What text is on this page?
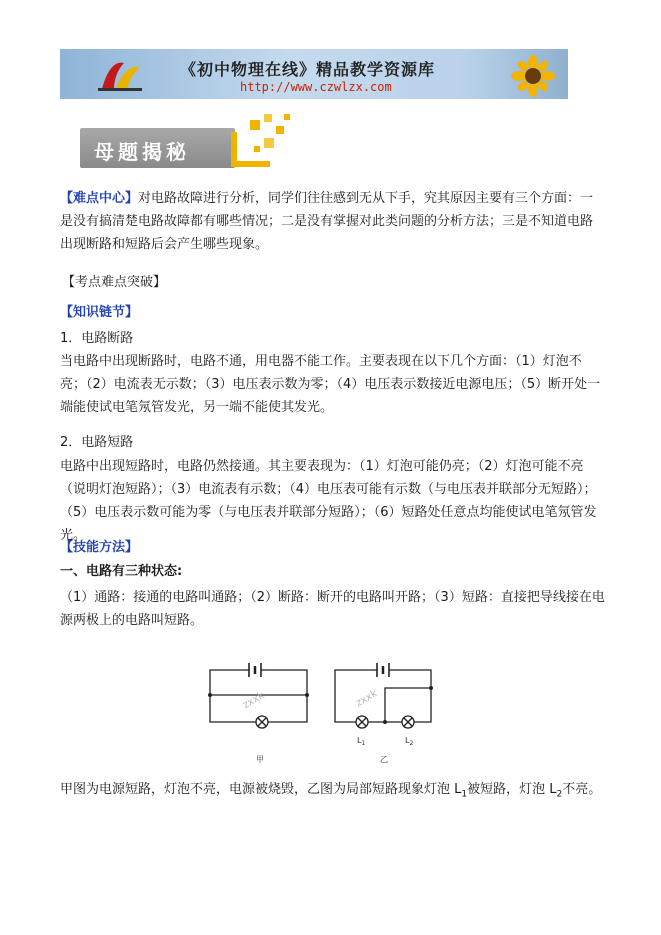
《初中物理在线》精品教学资源库
http://www.czwlzx.com
母题揭秘

【难点中心】对电路故障进行分析，同学们往往感到无从下手，究其原因主要有三个方面：一是没有搞清楚电路故障都有哪些情况；二是没有掌握对此类问题的分析方法；三是不知道电路出现断路和短路后会产生哪些现象。

【考点难点突破】

【知识链节】

1．电路断路

当电路中出现断路时，电路不通，用电器不能工作。主要表现在以下几个方面：（1）灯泡不亮；（2）电流表无示数；（3）电压表示数为零；（4）电压表示数接近电源电压；（5）断开处一端能使试电笔氖管发光，另一端不能使其发光。

2．电路短路

电路中出现短路时，电路仍然接通。其主要表现为：（1）灯泡可能仍亮；（2）灯泡可能不亮（说明灯泡短路）；（3）电流表有示数；（4）电压表可能有示数（与电压表并联部分无短路）；（5）电压表示数可能为零（与电压表并联部分短路）；（6）短路处任意点均能使试电笔氖管发光。

【技能方法】

一、电路有三种状态:

（1）通路：接通的电路叫通路；（2）断路：断开的电路叫开路；（3）短路：直接把导线接在电源两极上的电路叫短路。

zxxk	zxxk
$L_1$	$L_2$
甲	乙

甲图为电源短路，灯泡不亮，电源被烧毁，乙图为局部短路现象灯泡 $L_1$被短路，灯泡 $L_2$不亮。
